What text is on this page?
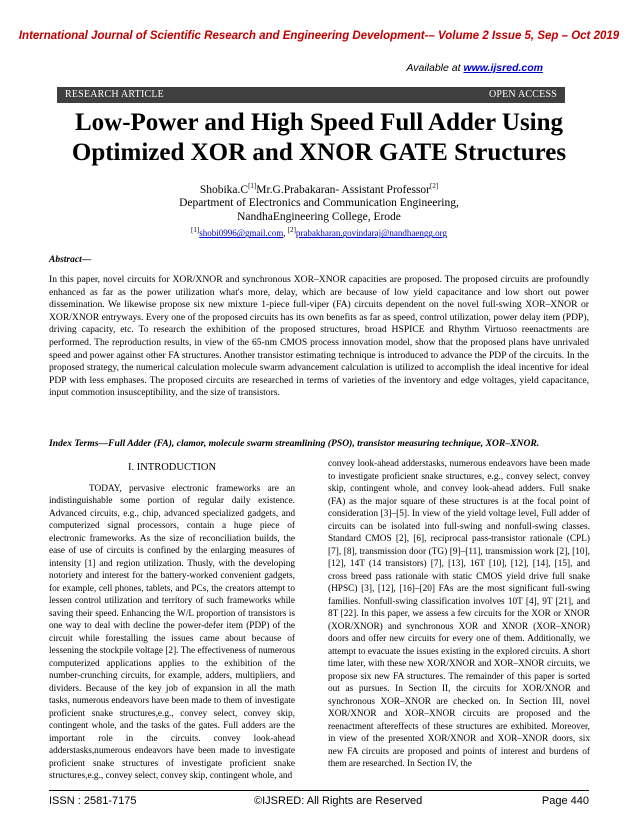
International Journal of Scientific Research and Engineering Development-– Volume 2 Issue 5, Sep – Oct 2019
Available at www.ijsred.com
RESEARCH ARTICLE	OPEN ACCESS
Low-Power and High Speed Full Adder Using
Optimized XOR and XNOR GATE Structures
Shobika.C[1]Mr.G.Prabakaran- Assistant Professor[2]
Department of Electronics and Communication Engineering,
NandhaEngineering College, Erode
[1]shobi0996@gmail.com, [2]prabakharan.govindaraj@nandhaengg.org
Abstract—
In this paper, novel circuits for XOR/XNOR and synchronous XOR–XNOR capacities are proposed. The proposed circuits are profoundly enhanced as far as the power utilization what's more, delay, which are because of low yield capacitance and low short out power dissemination. We likewise propose six new mixture 1-piece full-viper (FA) circuits dependent on the novel full-swing XOR–XNOR or XOR/XNOR entryways. Every one of the proposed circuits has its own benefits as far as speed, control utilization, power delay item (PDP), driving capacity, etc. To research the exhibition of the proposed structures, broad HSPICE and Rhythm Virtuoso reenactments are performed. The reproduction results, in view of the 65-nm CMOS process innovation model, show that the proposed plans have unrivaled speed and power against other FA structures. Another transistor estimating technique is introduced to advance the PDP of the circuits. In the proposed strategy, the numerical calculation molecule swarm advancement calculation is utilized to accomplish the ideal incentive for ideal PDP with less emphases. The proposed circuits are researched in terms of varieties of the inventory and edge voltages, yield capacitance, input commotion insusceptibility, and the size of transistors.
Index Terms—Full Adder (FA), clamor, molecule swarm streamlining (PSO), transistor measuring technique, XOR–XNOR.
I. INTRODUCTION
TODAY, pervasive electronic frameworks are an indistinguishable some portion of regular daily existence. Advanced circuits, e.g., chip, advanced specialized gadgets, and computerized signal processors, contain a huge piece of electronic frameworks. As the size of reconciliation builds, the ease of use of circuits is confined by the enlarging measures of intensity [1] and region utilization. Thusly, with the developing notoriety and interest for the battery-worked convenient gadgets, for example, cell phones, tablets, and PCs, the creators attempt to lessen control utilization and territory of such frameworks while saving their speed. Enhancing the W/L proportion of transistors is one way to deal with decline the power-defer item (PDP) of the circuit while forestalling the issues came about because of lessening the stockpile voltage [2]. The effectiveness of numerous computerized applications applies to the exhibition of the number-crunching circuits, for example, adders, multipliers, and dividers. Because of the key job of expansion in all the math tasks, numerous endeavors have been made to them of investigate proficient snake structures,e.g., convey select, convey skip, contingent whole, and the tasks of the gates. Full adders are the important role in the circuits. convey look-ahead adderstasks,numerous endeavors have been made to investigate proficient snake structures of investigate proficient snake structures,e.g., convey select, convey skip, contingent whole, and
convey look-ahead adderstasks, numerous endeavors have been made to investigate proficient snake structures, e.g., convey select, convey skip, contingent whole, and convey look-ahead adders. Full snake (FA) as the major square of these structures is at the focal point of consideration [3]–[5]. In view of the yield voltage level, Full adder of circuits can be isolated into full-swing and nonfull-swing classes. Standard CMOS [2], [6], reciprocal pass-transistor rationale (CPL) [7], [8], transmission door (TG) [9]–[11], transmission work [2], [10], [12], 14T (14 transistors) [7], [13], 16T [10], [12], [14], [15], and cross breed pass rationale with static CMOS yield drive full snake (HPSC) [3], [12], [16]–[20] FAs are the most significant full-swing families. Nonfull-swing classification involves 10T [4], 9T [21], and 8T [22]. In this paper, we assess a few circuits for the XOR or XNOR (XOR/XNOR) and synchronous XOR and XNOR (XOR–XNOR) doors and offer new circuits for every one of them. Additionally, we attempt to evacuate the issues existing in the explored circuits. A short time later, with these new XOR/XNOR and XOR–XNOR circuits, we propose six new FA structures. The remainder of this paper is sorted out as pursues. In Section II, the circuits for XOR/XNOR and synchronous XOR–XNOR are checked on. In Section III, novel XOR/XNOR and XOR–XNOR circuits are proposed and the reenactment aftereffects of these structures are exhibited. Moreover, in view of the presented XOR/XNOR and XOR–XNOR doors, six new FA circuits are proposed and points of interest and burdens of them are researched. In Section IV, the
ISSN : 2581-7175	©IJSRED: All Rights are Reserved	Page 440
